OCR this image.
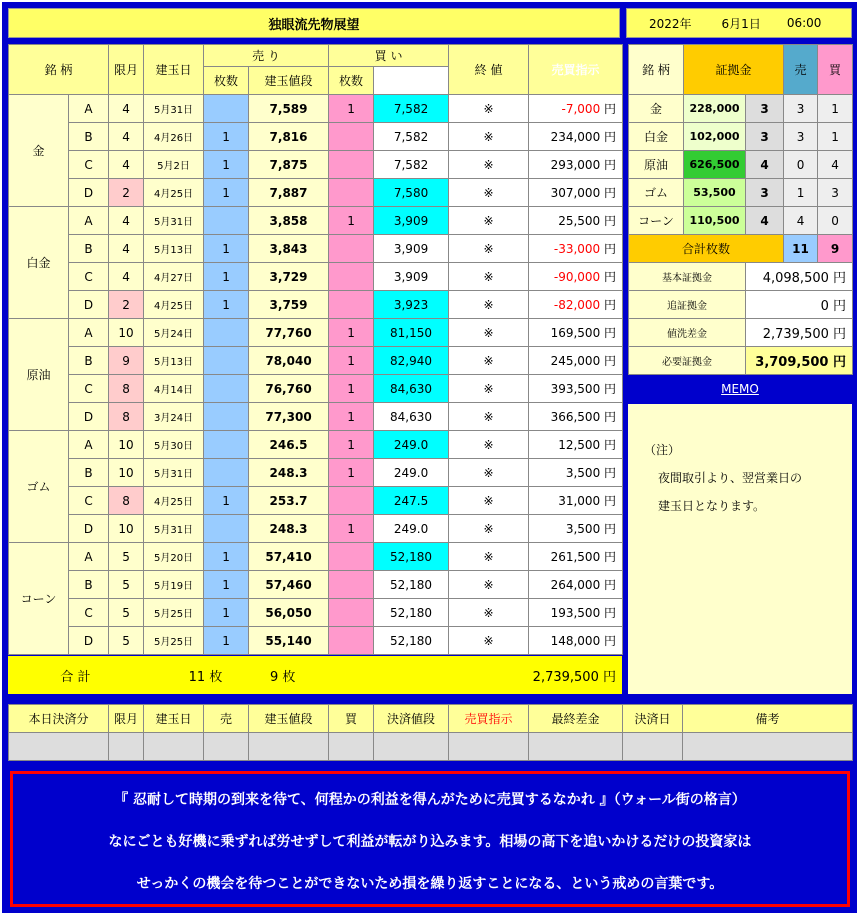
独眼流先物展望	2022年	6月1日 06:00
銘 柄		限月	建玉日	売 り		買 い		終 値	売買指示	
				枚数	建玉値段	枚数				
金	A	4	5月31日		7,589	1	7,582	※	-7,000 円	
	B	4	4月26日	1	7,816		7,582	※	234,000 円	
	C	4	5月2日	1	7,875		7,582	※	293,000 円	
	D	2	4月25日	1	7,887		7,580	※	307,000 円	
白金	A	4	5月31日		3,858	1	3,909	※	25,500 円	
	B	4	5月13日	1	3,843		3,909	※	-33,000 円	
	C	4	4月27日	1	3,729		3,909	※	-90,000 円	
	D	2	4月25日	1	3,759		3,923	※	-82,000 円	
原油	A	10	5月24日		77,760	1	81,150	※	169,500 円	
	B	9	5月13日		78,040	1	82,940	※	245,000 円	
	C	8	4月14日		76,760	1	84,630	※	393,500 円	
	D	8	3月24日		77,300	1	84,630	※	366,500 円	
ゴム	A	10	5月30日		246.5	1	249.0	※	12,500 円	
	B	10	5月31日		248.3	1	249.0	※	3,500 円	
	C	8	4月25日	1	253.7		247.5	※	31,000 円	
	D	10	5月31日		248.3	1	249.0	※	3,500 円	
コーン	A	5	5月20日	1	57,410		52,180	※	261,500 円	
	B	5	5月19日	1	57,460		52,180	※	264,000 円	
	C	5	5月25日	1	56,050		52,180	※	193,500 円	
	D	5	5月25日	1	55,140		52,180	※	148,000 円	
合 計	11 枚	9 枚	2,739,500 円
銘 柄	証拠金		売	買
金	228,000	3	3	1
白金	102,000	3	3	1
原油	626,500	4	0	4
ゴム	53,500	3	1	3
コーン	110,500	4	4	0
合計枚数			11	9
基本証拠金		4,098,500 円		
追証拠金		0 円		
値洗差金		2,739,500 円		
必要証拠金		3,709,500 円		
MEMO
（注）
夜間取引より、翌営業日の
建玉日となります。
本日決済分	限月	建玉日	売	建玉値段	買	決済値段	売買指示	最終差金	決済日	備考

『 忍耐して時期の到来を待て、何程かの利益を得んがために売買するなかれ 』（ウォール街の格言）

なにごとも好機に乗ずれば労せずして利益が転がり込みます。相場の高下を追いかけるだけの投資家は

せっかくの機会を待つことができないため損を繰り返すことになる、という戒めの言葉です。
